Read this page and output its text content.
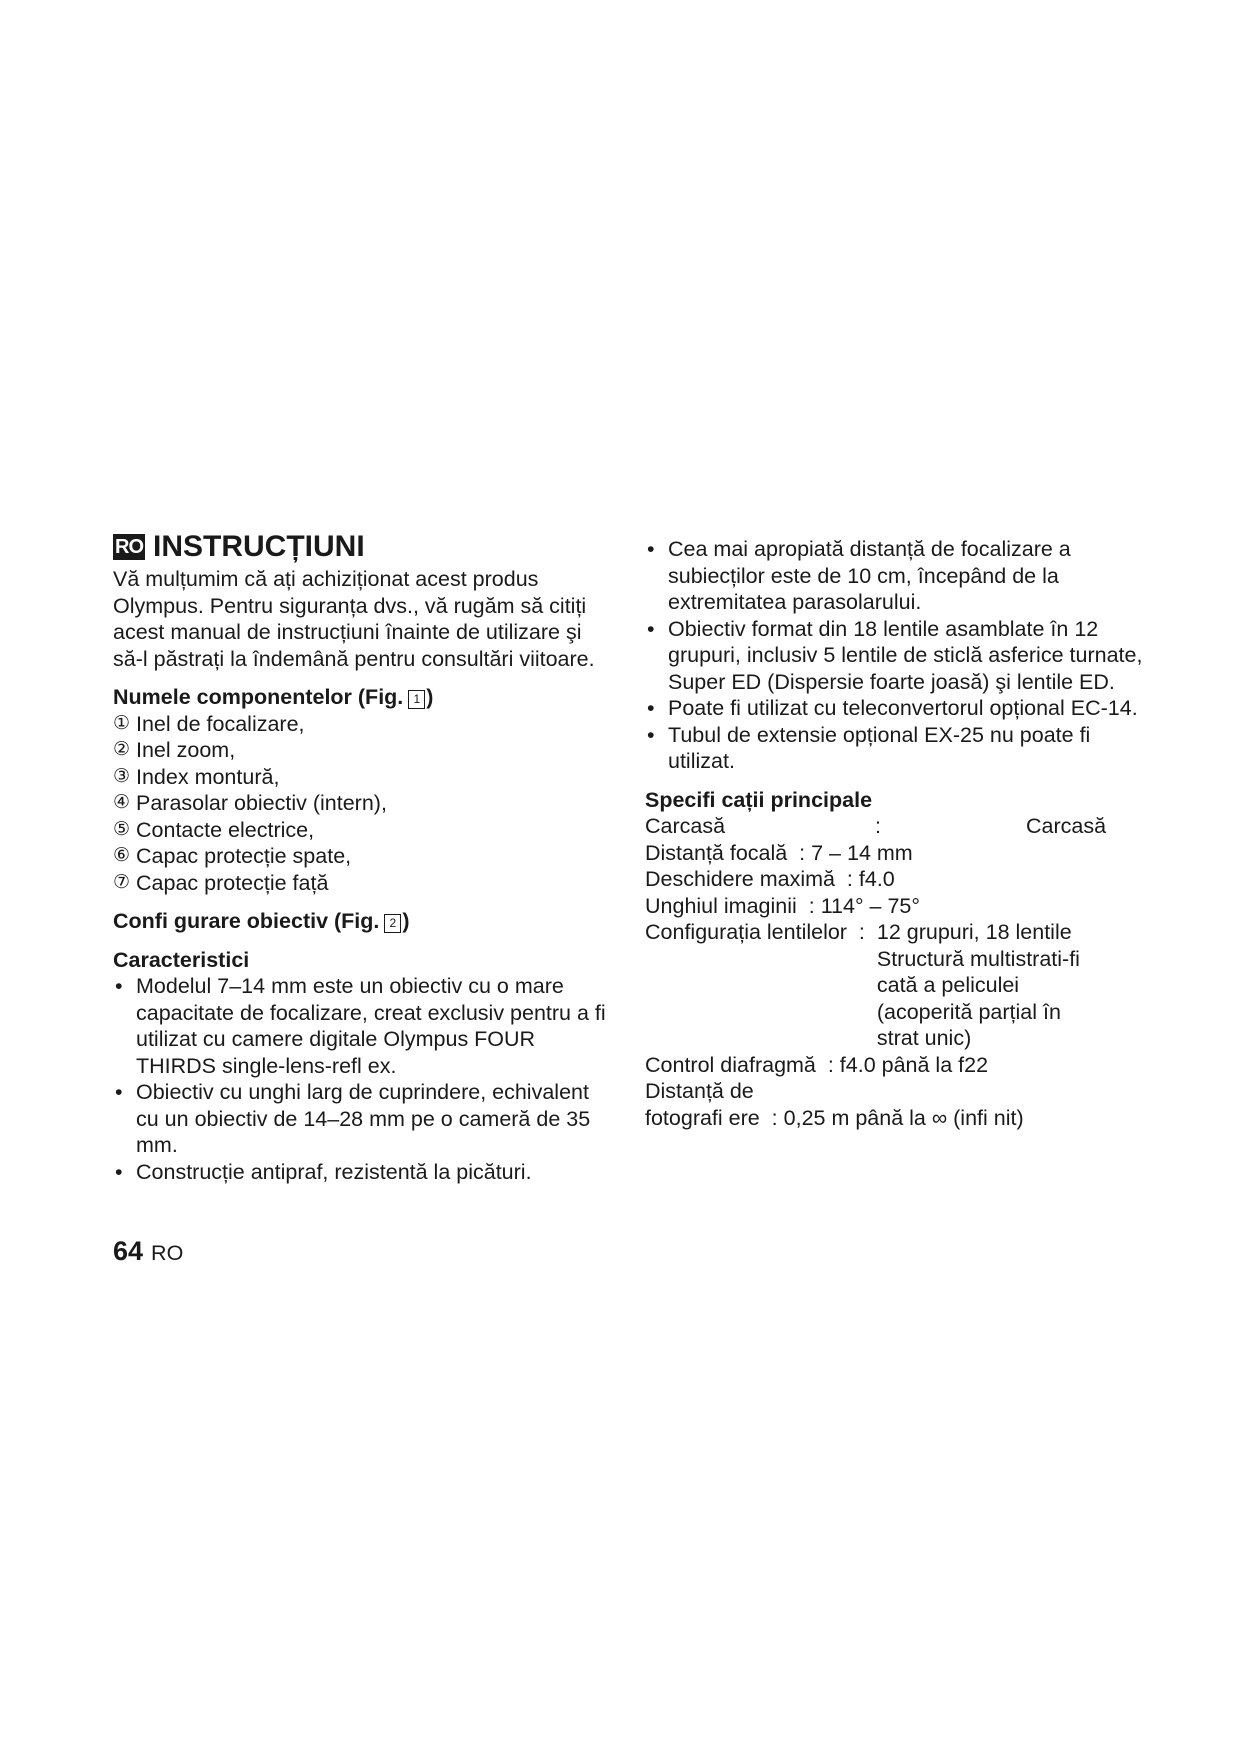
RO INSTRUCȚIUNI

Vă mulțumim că ați achiziționat acest produs Olympus. Pentru siguranța dvs., vă rugăm să citiți acest manual de instrucțiuni înainte de utilizare şi să-l păstrați la îndemână pentru consultări viitoare.

Numele componentelor (Fig. 1 )

① Inel de focalizare,
② Inel zoom,
③ Index montură,
④ Parasolar obiectiv (intern),
⑤ Contacte electrice,
⑥ Capac protecție spate,
⑦ Capac protecție față

Confi gurare obiectiv (Fig. 2 )

Caracteristici

• Modelul 7–14 mm este un obiectiv cu o mare capacitate de focalizare, creat exclusiv pentru a fi utilizat cu camere digitale Olympus FOUR THIRDS single-lens-refl ex.
• Obiectiv cu unghi larg de cuprindere, echivalent cu un obiectiv de 14–28 mm pe o cameră de 35 mm.
• Construcție antipraf, rezistentă la picături.
• Cea mai apropiată distanță de focalizare a subiecților este de 10 cm, începând de la extremitatea parasolarului.
• Obiectiv format din 18 lentile asamblate în 12 grupuri, inclusiv 5 lentile de sticlă asferice turnate, Super ED (Dispersie foarte joasă) şi lentile ED.
• Poate fi utilizat cu teleconvertorul opțional EC-14.
• Tubul de extensie opțional EX-25 nu poate fi utilizat.

Specifi cații principale

Carcasă	:	Carcasă
Distanță focală : 7 – 14 mm
Deschidere maximă : f4.0
Unghiul imaginii : 114° – 75°
Configurația lentilelor : 12 grupuri, 18 lentile Structură multistrati-fi cată a peliculei (acoperită parțial în strat unic)
Control diafragmă : f4.0 până la f22
Distanță de
fotografi ere : 0,25 m până la ∞ (infi nit)
64 RO
